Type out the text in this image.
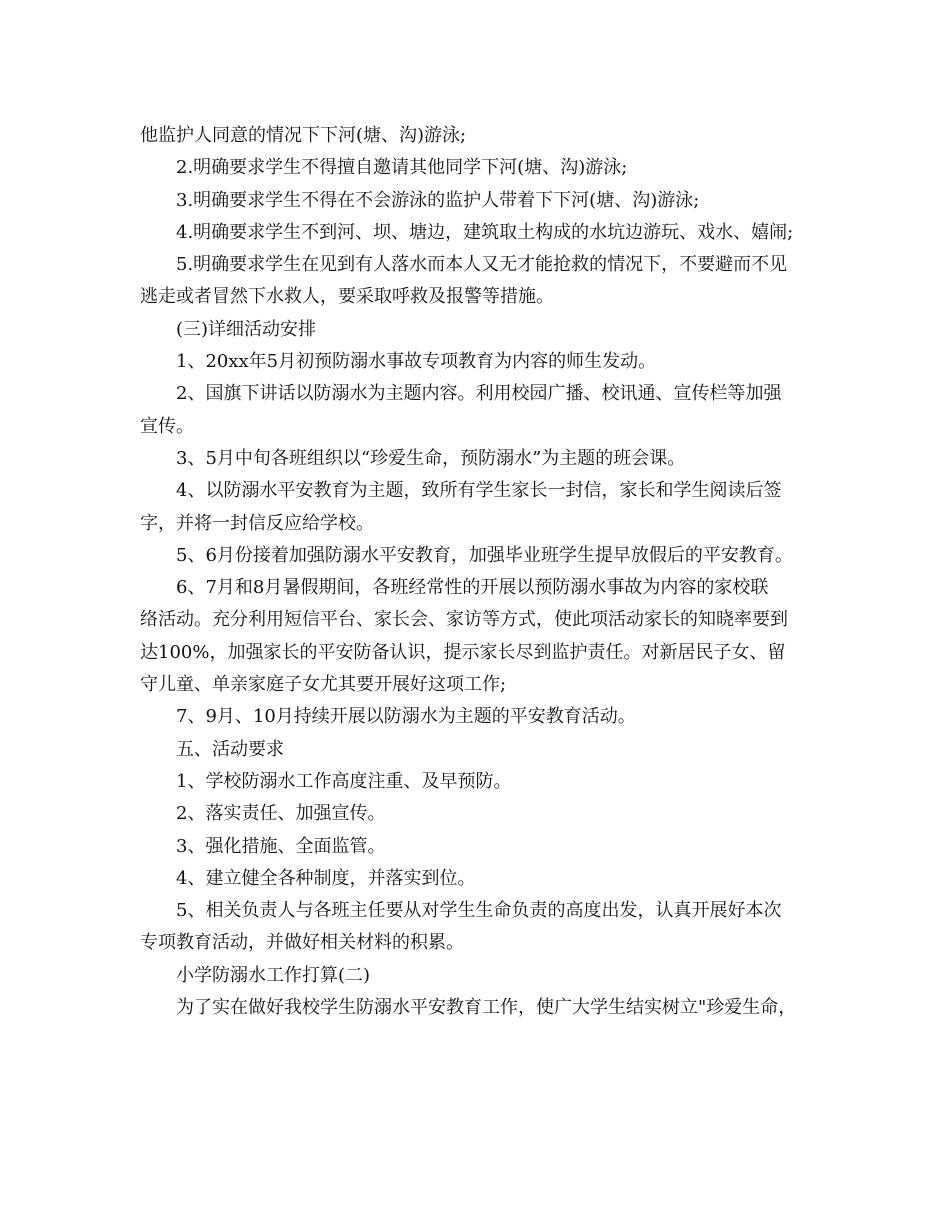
他监护人同意的情况下下河(塘、沟)游泳;
2.明确要求学生不得擅自邀请其他同学下河(塘、沟)游泳;
3.明确要求学生不得在不会游泳的监护人带着下下河(塘、沟)游泳;
4.明确要求学生不到河、坝、塘边，建筑取土构成的水坑边游玩、戏水、嬉闹;
5.明确要求学生在见到有人落水而本人又无才能抢救的情况下，不要避而不见
逃走或者冒然下水救人，要采取呼救及报警等措施。
(三)详细活动安排
1、20xx年5月初预防溺水事故专项教育为内容的师生发动。
2、国旗下讲话以防溺水为主题内容。利用校园广播、校讯通、宣传栏等加强
宣传。
3、5月中旬各班组织以“珍爱生命，预防溺水”为主题的班会课。
4、以防溺水平安教育为主题，致所有学生家长一封信，家长和学生阅读后签
字，并将一封信反应给学校。
5、6月份接着加强防溺水平安教育，加强毕业班学生提早放假后的平安教育。
6、7月和8月暑假期间，各班经常性的开展以预防溺水事故为内容的家校联
络活动。充分利用短信平台、家长会、家访等方式，使此项活动家长的知晓率要到
达100%，加强家长的平安防备认识，提示家长尽到监护责任。对新居民子女、留
守儿童、单亲家庭子女尤其要开展好这项工作;
7、9月、10月持续开展以防溺水为主题的平安教育活动。
五、活动要求
1、学校防溺水工作高度注重、及早预防。
2、落实责任、加强宣传。
3、强化措施、全面监管。
4、建立健全各种制度，并落实到位。
5、相关负责人与各班主任要从对学生生命负责的高度出发，认真开展好本次
专项教育活动，并做好相关材料的积累。
小学防溺水工作打算(二)
为了实在做好我校学生防溺水平安教育工作，使广大学生结实树立"珍爱生命，
